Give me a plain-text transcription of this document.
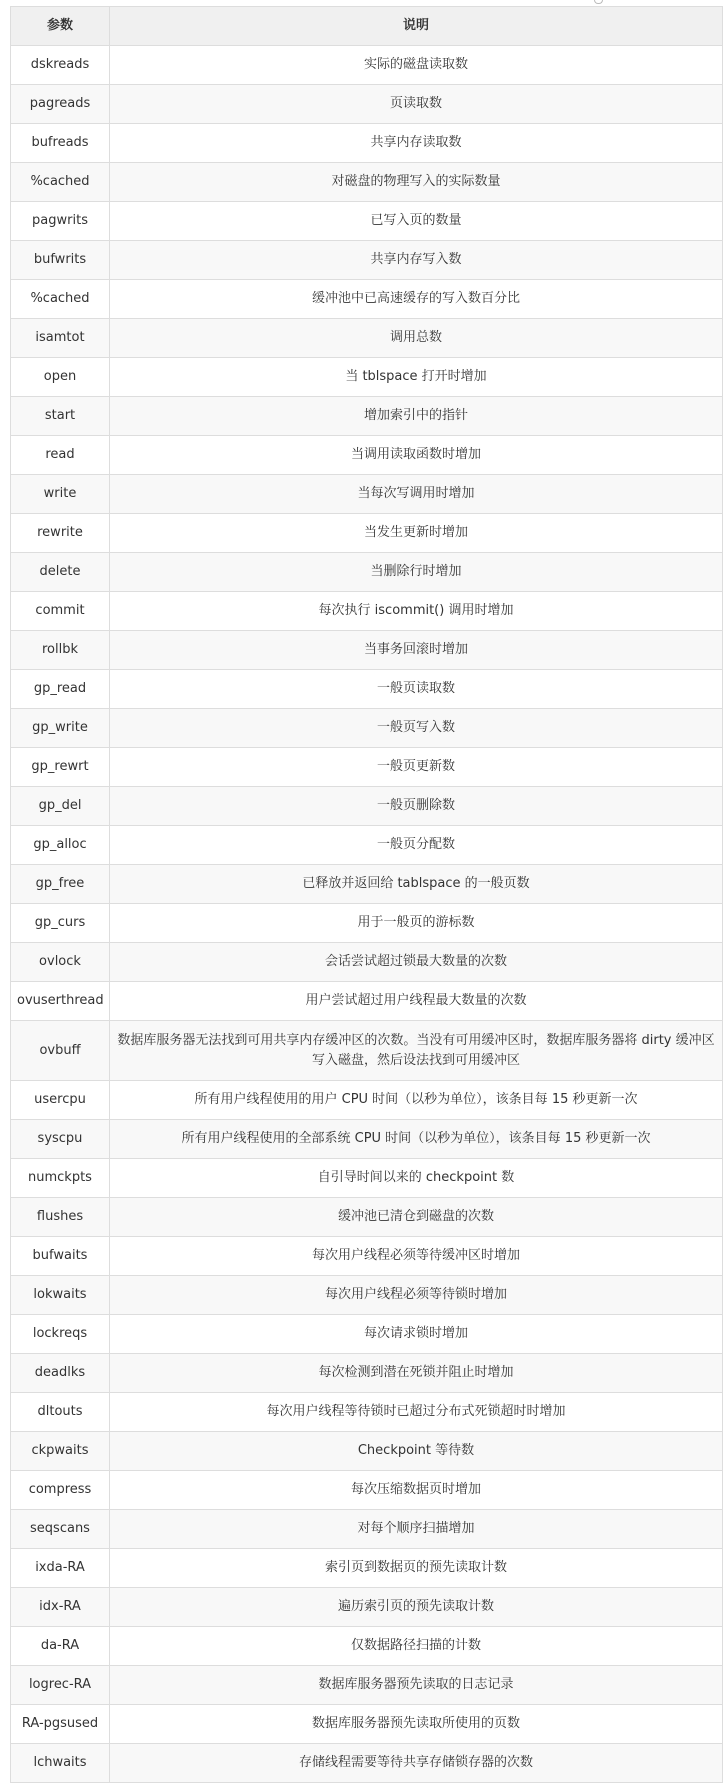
参数	说明
dskreads	实际的磁盘读取数
pagreads	页读取数
bufreads	共享内存读取数
%cached	对磁盘的物理写入的实际数量
pagwrits	已写入页的数量
bufwrits	共享内存写入数
%cached	缓冲池中已高速缓存的写入数百分比
isamtot	调用总数
open	当 tblspace 打开时增加
start	增加索引中的指针
read	当调用读取函数时增加
write	当每次写调用时增加
rewrite	当发生更新时增加
delete	当删除行时增加
commit	每次执行 iscommit() 调用时增加
rollbk	当事务回滚时增加
gp_read	一般页读取数
gp_write	一般页写入数
gp_rewrt	一般页更新数
gp_del	一般页删除数
gp_alloc	一般页分配数
gp_free	已释放并返回给 tablspace 的一般页数
gp_curs	用于一般页的游标数
ovlock	会话尝试超过锁最大数量的次数
ovuserthread	用户尝试超过用户线程最大数量的次数
ovbuff	数据库服务器无法找到可用共享内存缓冲区的次数。当没有可用缓冲区时，数据库服务器将 dirty 缓冲区写入磁盘，然后设法找到可用缓冲区
usercpu	所有用户线程使用的用户 CPU 时间（以秒为单位），该条目每 15 秒更新一次
syscpu	所有用户线程使用的全部系统 CPU 时间（以秒为单位），该条目每 15 秒更新一次
numckpts	自引导时间以来的 checkpoint 数
flushes	缓冲池已清仓到磁盘的次数
bufwaits	每次用户线程必须等待缓冲区时增加
lokwaits	每次用户线程必须等待锁时增加
lockreqs	每次请求锁时增加
deadlks	每次检测到潜在死锁并阻止时增加
dltouts	每次用户线程等待锁时已超过分布式死锁超时时增加
ckpwaits	Checkpoint 等待数
compress	每次压缩数据页时增加
seqscans	对每个顺序扫描增加
ixda-RA	索引页到数据页的预先读取计数
idx-RA	遍历索引页的预先读取计数
da-RA	仅数据路径扫描的计数
logrec-RA	数据库服务器预先读取的日志记录
RA-pgsused	数据库服务器预先读取所使用的页数
lchwaits	存储线程需要等待共享存储锁存器的次数
